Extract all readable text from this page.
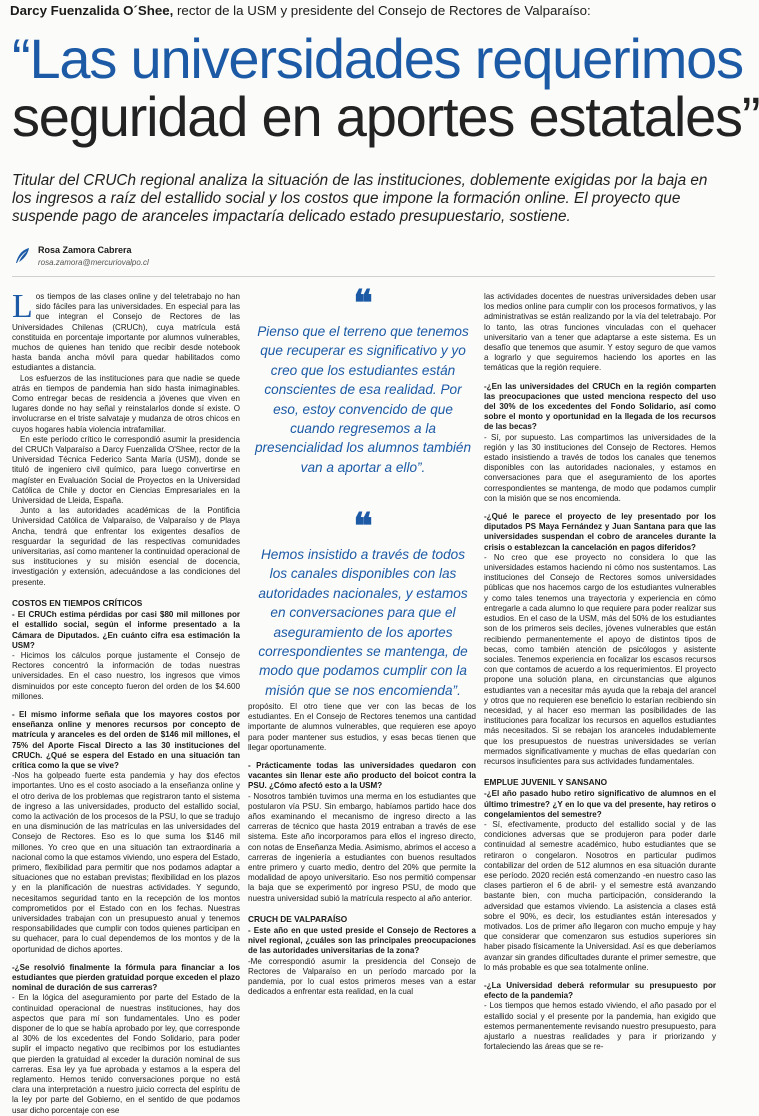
Darcy Fuenzalida O´Shee, rector de la USM y presidente del Consejo de Rectores de Valparaíso:
“Las universidades requerimos
seguridad en aportes estatales”
Titular del CRUCh regional analiza la situación de las instituciones, doblemente exigidas por la baja en los ingresos a raíz del estallido social y los costos que impone la formación online. El proyecto que suspende pago de aranceles impactaría delicado estado presupuestario, sostiene.
Rosa Zamora Cabrera
rosa.zamora@mercuriovalpo.cl

Los tiempos de las clases online y del teletrabajo no han sido fáciles para las universidades. En especial para las que integran el Consejo de Rectores de las Universidades Chilenas (CRUCh), cuya matrícula está constituida en porcentaje importante por alumnos vulnerables, muchos de quienes han tenido que recibir desde notebook hasta banda ancha móvil para quedar habilitados como estudiantes a distancia.

Los esfuerzos de las instituciones para que nadie se quede atrás en tiempos de pandemia han sido hasta inimaginables. Como entregar becas de residencia a jóvenes que viven en lugares donde no hay señal y reinstalarlos donde sí existe. O involucrarse en el triste salvataje y mudanza de otros chicos en cuyos hogares había violencia intrafamiliar.

En este período crítico le correspondió asumir la presidencia del CRUCh Valparaíso a Darcy Fuenzalida O'Shee, rector de la Universidad Técnica Federico Santa María (USM), donde se tituló de ingeniero civil químico, para luego convertirse en magíster en Evaluación Social de Proyectos en la Universidad Católica de Chile y doctor en Ciencias Empresariales en la Universidad de Lleida, España.

Junto a las autoridades académicas de la Pontificia Universidad Católica de Valparaíso, de Valparaíso y de Playa Ancha, tendrá que enfrentar los exigentes desafíos de resguardar la seguridad de las respectivas comunidades universitarias, así como mantener la continuidad operacional de sus instituciones y su misión esencial de docencia, investigación y extensión, adecuándose a las condiciones del presente.

COSTOS EN TIEMPOS CRÍTICOS

- El CRUCh estima pérdidas por casi $80 mil millones por el estallido social, según el informe presentado a la Cámara de Diputados. ¿En cuánto cifra esa estimación la USM?

- Hicimos los cálculos porque justamente el Consejo de Rectores concentró la información de todas nuestras universidades. En el caso nuestro, los ingresos que vimos disminuidos por este concepto fueron del orden de los $4.600 millones.

- El mismo informe señala que los mayores costos por enseñanza online y menores recursos por concepto de matrícula y aranceles es del orden de $146 mil millones, el 75% del Aporte Fiscal Directo a las 30 instituciones del CRUCh. ¿Qué se espera del Estado en una situación tan crítica como la que se vive?

-Nos ha golpeado fuerte esta pandemia y hay dos efectos importantes. Uno es el costo asociado a la enseñanza online y el otro deriva de los problemas que registraron tanto el sistema de ingreso a las universidades, producto del estallido social, como la activación de los procesos de la PSU, lo que se tradujo en una disminución de las matrículas en las universidades del Consejo de Rectores. Eso es lo que suma los $146 mil millones. Yo creo que en una situación tan extraordinaria a nacional como la que estamos viviendo, uno espera del Estado, primero, flexibilidad para permitir que nos podamos adaptar a situaciones que no estaban previstas; flexibilidad en los plazos y en la planificación de nuestras actividades. Y segundo, necesitamos seguridad tanto en la recepción de los montos comprometidos por el Estado con en los fechas. Nuestras universidades trabajan con un presupuesto anual y tenemos responsabilidades que cumplir con todos quienes participan en su quehacer, para lo cual dependemos de los montos y de la oportunidad de dichos aportes.

-¿Se resolvió finalmente la fórmula para financiar a los estudiantes que pierden gratuidad porque exceden el plazo nominal de duración de sus carreras?

- En la lógica del aseguramiento por parte del Estado de la continuidad operacional de nuestras instituciones, hay dos aspectos que para mí son fundamentales. Uno es poder disponer de lo que se había aprobado por ley, que corresponde al 30% de los excedentes del Fondo Solidario, para poder suplir el impacto negativo que recibimos por los estudiantes que pierden la gratuidad al exceder la duración nominal de sus carreras. Esa ley ya fue aprobada y estamos a la espera del reglamento. Hemos tenido conversaciones porque no está clara una interpretación a nuestro juicio correcta del espíritu de la ley por parte del Gobierno, en el sentido de que podamos usar dicho porcentaje con ese

❝
Pienso que el terreno que tenemos que recuperar es significativo y yo creo que los estudiantes están conscientes de esa realidad. Por eso, estoy convencido de que cuando regresemos a la presencialidad los alumnos también van a aportar a ello”.
❝
Hemos insistido a través de todos los canales disponibles con las autoridades nacionales, y estamos en conversaciones para que el aseguramiento de los aportes correspondientes se mantenga, de modo que podamos cumplir con la misión que se nos encomienda”.

propósito. El otro tiene que ver con las becas de los estudiantes. En el Consejo de Rectores tenemos una cantidad importante de alumnos vulnerables, que requieren ese apoyo para poder mantener sus estudios, y esas becas tienen que llegar oportunamente.

- Prácticamente todas las universidades quedaron con vacantes sin llenar este año producto del boicot contra la PSU. ¿Cómo afectó esto a la USM?

- Nosotros también tuvimos una merma en los estudiantes que postularon vía PSU. Sin embargo, habíamos partido hace dos años examinando el mecanismo de ingreso directo a las carreras de técnico que hasta 2019 entraban a través de ese sistema. Este año incorporamos para ellos el ingreso directo, con notas de Enseñanza Media. Asimismo, abrimos el acceso a carreras de ingeniería a estudiantes con buenos resultados entre primero y cuarto medio, dentro del 20% que permite la modalidad de apoyo universitario. Eso nos permitió compensar la baja que se experimentó por ingreso PSU, de modo que nuestra universidad subió la matrícula respecto al año anterior.

CRUCH DE VALPARAÍSO

- Este año en que usted preside el Consejo de Rectores a nivel regional, ¿cuáles son las principales preocupaciones de las autoridades universitarias de la zona?

-Me correspondió asumir la presidencia del Consejo de Rectores de Valparaíso en un período marcado por la pandemia, por lo cual estos primeros meses van a estar dedicados a enfrentar esta realidad, en la cual

las actividades docentes de nuestras universidades deben usar los medios online para cumplir con los procesos formativos, y las administrativas se están realizando por la vía del teletrabajo. Por lo tanto, las otras funciones vinculadas con el quehacer universitario van a tener que adaptarse a este sistema. Es un desafío que tenemos que asumir. Y estoy seguro de que vamos a lograrlo y que seguiremos haciendo los aportes en las temáticas que la región requiere.

-¿En las universidades del CRUCh en la región comparten las preocupaciones que usted menciona respecto del uso del 30% de los excedentes del Fondo Solidario, así como sobre el monto y oportunidad en la llegada de los recursos de las becas?

- Sí, por supuesto. Las compartimos las universidades de la región y las 30 instituciones del Consejo de Rectores. Hemos estado insistiendo a través de todos los canales que tenemos disponibles con las autoridades nacionales, y estamos en conversaciones para que el aseguramiento de los aportes correspondientes se mantenga, de modo que podamos cumplir con la misión que se nos encomienda.

-¿Qué le parece el proyecto de ley presentado por los diputados PS Maya Fernández y Juan Santana para que las universidades suspendan el cobro de aranceles durante la crisis o establezcan la cancelación en pagos diferidos?

- No creo que ese proyecto no considera lo que las universidades estamos haciendo ni cómo nos sustentamos. Las instituciones del Consejo de Rectores somos universidades públicas que nos hacemos cargo de los estudiantes vulnerables y como tales tenemos una trayectoria y experiencia en cómo entregarle a cada alumno lo que requiere para poder realizar sus estudios. En el caso de la USM, más del 50% de los estudiantes son de los primeros seis deciles, jóvenes vulnerables que están recibiendo permanentemente el apoyo de distintos tipos de becas, como también atención de psicólogos y asistente sociales. Tenemos experiencia en focalizar los escasos recursos con que contamos de acuerdo a los requerimientos. El proyecto propone una solución plana, en circunstancias que algunos estudiantes van a necesitar más ayuda que la rebaja del arancel y otros que no requieren ese beneficio lo estarían recibiendo sin necesidad, y al hacer eso merman las posibilidades de las instituciones para focalizar los recursos en aquellos estudiantes más necesitados. Si se rebajan los aranceles indudablemente que los presupuestos de nuestras universidades se verían mermados significativamente y muchas de ellas quedarían con recursos insuficientes para sus actividades fundamentales.

EMPLUE JUVENIL Y SANSANO

-¿El año pasado hubo retiro significativo de alumnos en el último trimestre? ¿Y en lo que va del presente, hay retiros o congelamientos del semestre?

- Sí, efectivamente, producto del estallido social y de las condiciones adversas que se produjeron para poder darle continuidad al semestre académico, hubo estudiantes que se retiraron o congelaron. Nosotros en particular pudimos contabilizar del orden de 512 alumnos en esa situación durante ese período. 2020 recién está comenzando -en nuestro caso las clases partieron el 6 de abril- y el semestre está avanzando bastante bien, con mucha participación, considerando la adversidad que estamos viviendo. La asistencia a clases está sobre el 90%, es decir, los estudiantes están interesados y motivados. Los de primer año llegaron con mucho empuje y hay que considerar que comenzaron sus estudios superiores sin haber pisado físicamente la Universidad. Así es que deberíamos avanzar sin grandes dificultades durante el primer semestre, que lo más probable es que sea totalmente online.

-¿La Universidad deberá reformular su presupuesto por efecto de la pandemia?

- Los tiempos que hemos estado viviendo, el año pasado por el estallido social y el presente por la pandemia, han exigido que estemos permanentemente revisando nuestro presupuesto, para ajustarlo a nuestras realidades y para ir priorizando y fortaleciendo las áreas que se re-
